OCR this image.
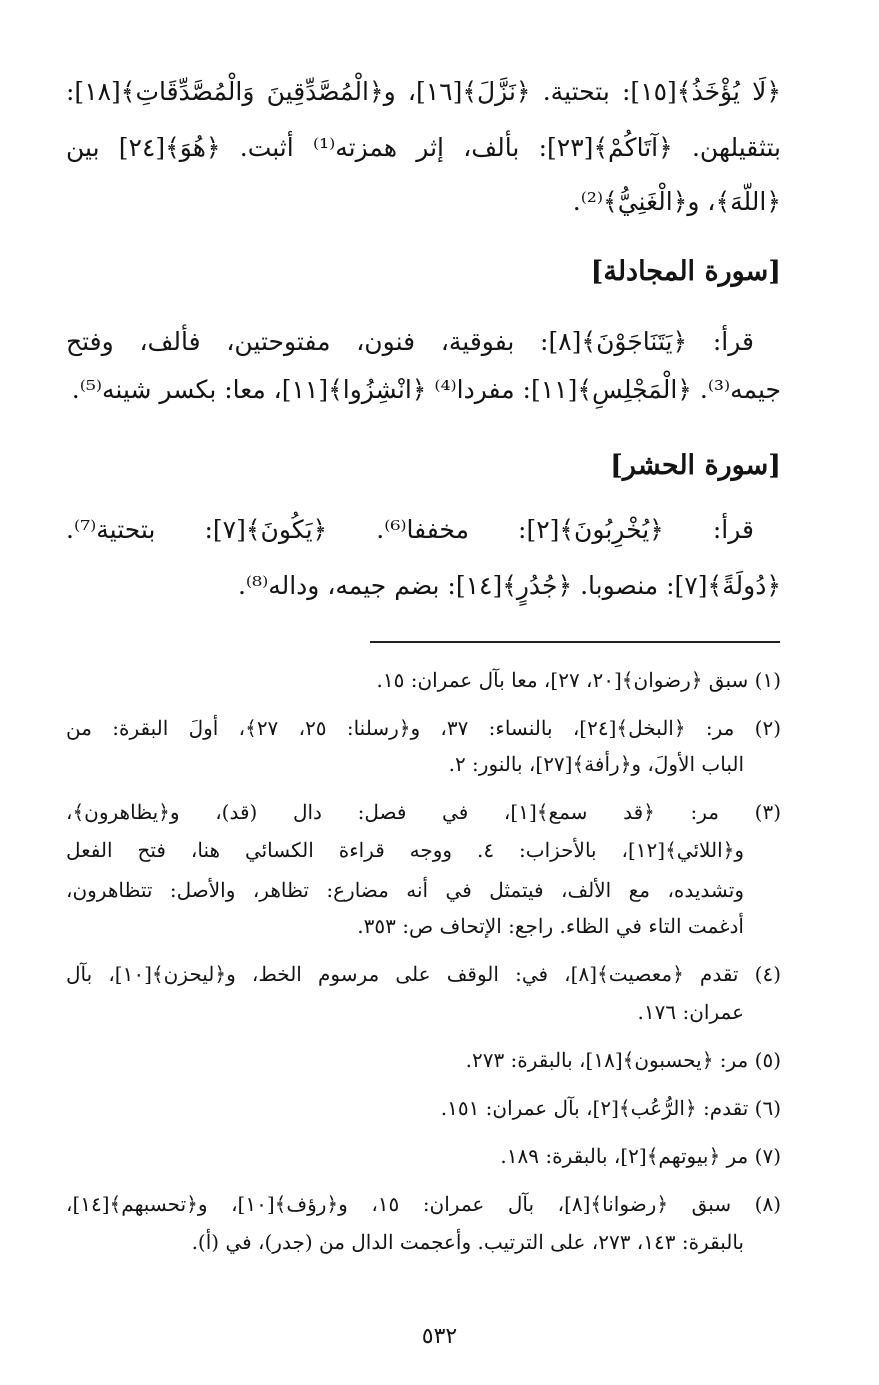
﴿لَا يُؤْخَذُ﴾[١٥]: بتحتية. ﴿نَزَّلَ﴾[١٦]، و﴿الْمُصَّدِّقِينَ وَالْمُصَّدِّقَاتِ﴾[١٨]:
بتثقيلهن. ﴿آتَاكُمْ﴾[٢٣]: بألف، إثر همزته⁽¹⁾ أثبت. ﴿هُوَ﴾[٢٤] بين
﴿اللَّهَ﴾، و﴿الْغَنِيُّ﴾⁽²⁾.
[سورة المجادلة]
قرأ: ﴿يَتَنَاجَوْنَ﴾[٨]: بفوقية، فنون، مفتوحتين، فألف، وفتح
جيمه⁽³⁾. ﴿الْمَجْلِسِ﴾[١١]: مفردا⁽⁴⁾ ﴿انْشِزُوا﴾[١١]، معا: بكسر شينه⁽⁵⁾.
[سورة الحشر]
قرأ: ﴿يُخْرِبُونَ﴾[٢]: مخففا⁽⁶⁾. ﴿يَكُونَ﴾[٧]: بتحتية⁽⁷⁾.
﴿دُولَةً﴾[٧]: منصوبا. ﴿جُدُرٍ﴾[١٤]: بضم جيمه، وداله⁽⁸⁾.
(١) سبق ﴿رضوان﴾[٢٠، ٢٧]، معا بآل عمران: ١٥.
(٢) مر: ﴿البخل﴾[٢٤]، بالنساء: ٣٧، و﴿رسلنا: ٢٥، ٢٧﴾، أولَ البقرة: من
الباب الأولَ، و﴿رأفة﴾[٢٧]، بالنور: ٢.
(٣) مر: ﴿قد سمع﴾[١]، في فصل: دال (قد)، و﴿يظاهرون﴾،
و﴿اللائي﴾[١٢]، بالأحزاب: ٤. ووجه قراءة الكسائي هنا، فتح الفعل
وتشديده، مع الألف، فيتمثل في أنه مضارع: تظاهر، والأصل: تتظاهرون،
أدغمت التاء في الظاء. راجع: الإتحاف ص: ٣٥٣.
(٤) تقدم ﴿معصيت﴾[٨]، في: الوقف على مرسوم الخط، و﴿ليحزن﴾[١٠]، بآل
عمران: ١٧٦.
(٥) مر: ﴿يحسبون﴾[١٨]، بالبقرة: ٢٧٣.
(٦) تقدم: ﴿الرُّعُب﴾[٢]، بآل عمران: ١٥١.
(٧) مر ﴿بيوتهم﴾[٢]، بالبقرة: ١٨٩.
(٨) سبق ﴿رضوانا﴾[٨]، بآل عمران: ١٥، و﴿رؤف﴾[١٠]، و﴿تحسبهم﴾[١٤]،
بالبقرة: ١٤٣، ٢٧٣، على الترتيب. وأعجمت الدال من (جدر)، في (أ).
٥٣٢
